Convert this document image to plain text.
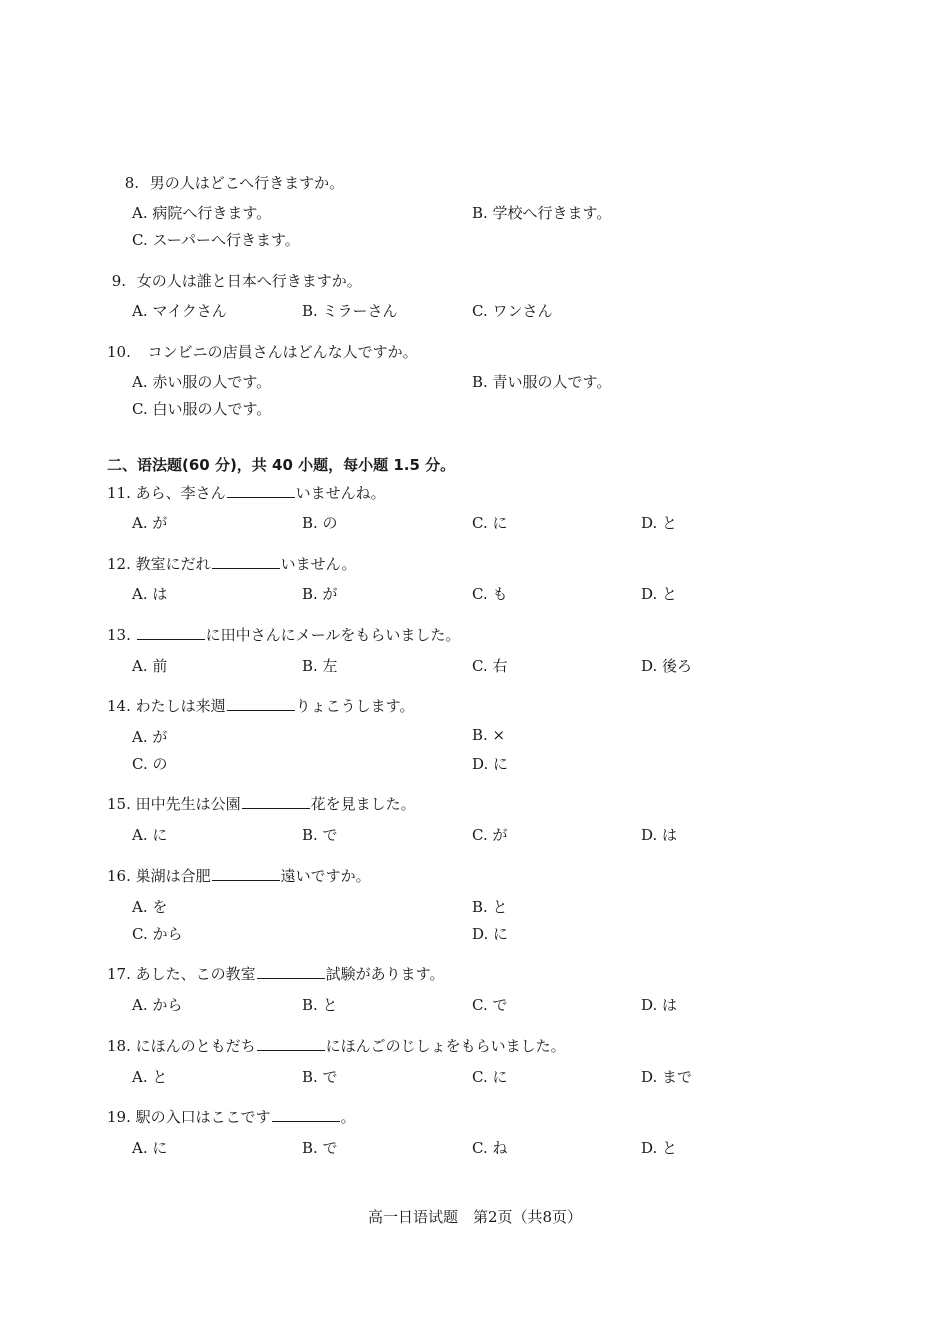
8. 男の人はどこへ行きますか。
A. 病院へ行きます。	B. 学校へ行きます。
C. スーパーへ行きます。
9. 女の人は誰と日本へ行きますか。
A. マイクさん	B. ミラーさん	C. ワンさん
10. コンビニの店員さんはどんな人ですか。
A. 赤い服の人です。	B. 青い服の人です。
C. 白い服の人です。
二、语法题(60 分)，共 40 小题，每小题 1.5 分。
11. あら、李さん	いませんね。
A. が	B. の	C. に	D. と
12. 教室にだれ	いません。
A. は	B. が	C. も	D. と
13.	に田中さんにメールをもらいました。
A. 前	B. 左	C. 右	D. 後ろ
14. わたしは来週	りょこうします。
A. が	B. ×
C. の	D. に
15. 田中先生は公園	花を見ました。
A. に	B. で	C. が	D. は
16. 巣湖は合肥	遠いですか。
A. を	B. と
C. から	D. に
17. あした、この教室	試験があります。
A. から	B. と	C. で	D. は
18. にほんのともだち	にほんごのじしょをもらいました。
A. と	B. で	C. に	D. まで
19. 駅の入口はここです	。
A. に	B. で	C. ね	D. と
高一日语试题　第2页（共8页）
